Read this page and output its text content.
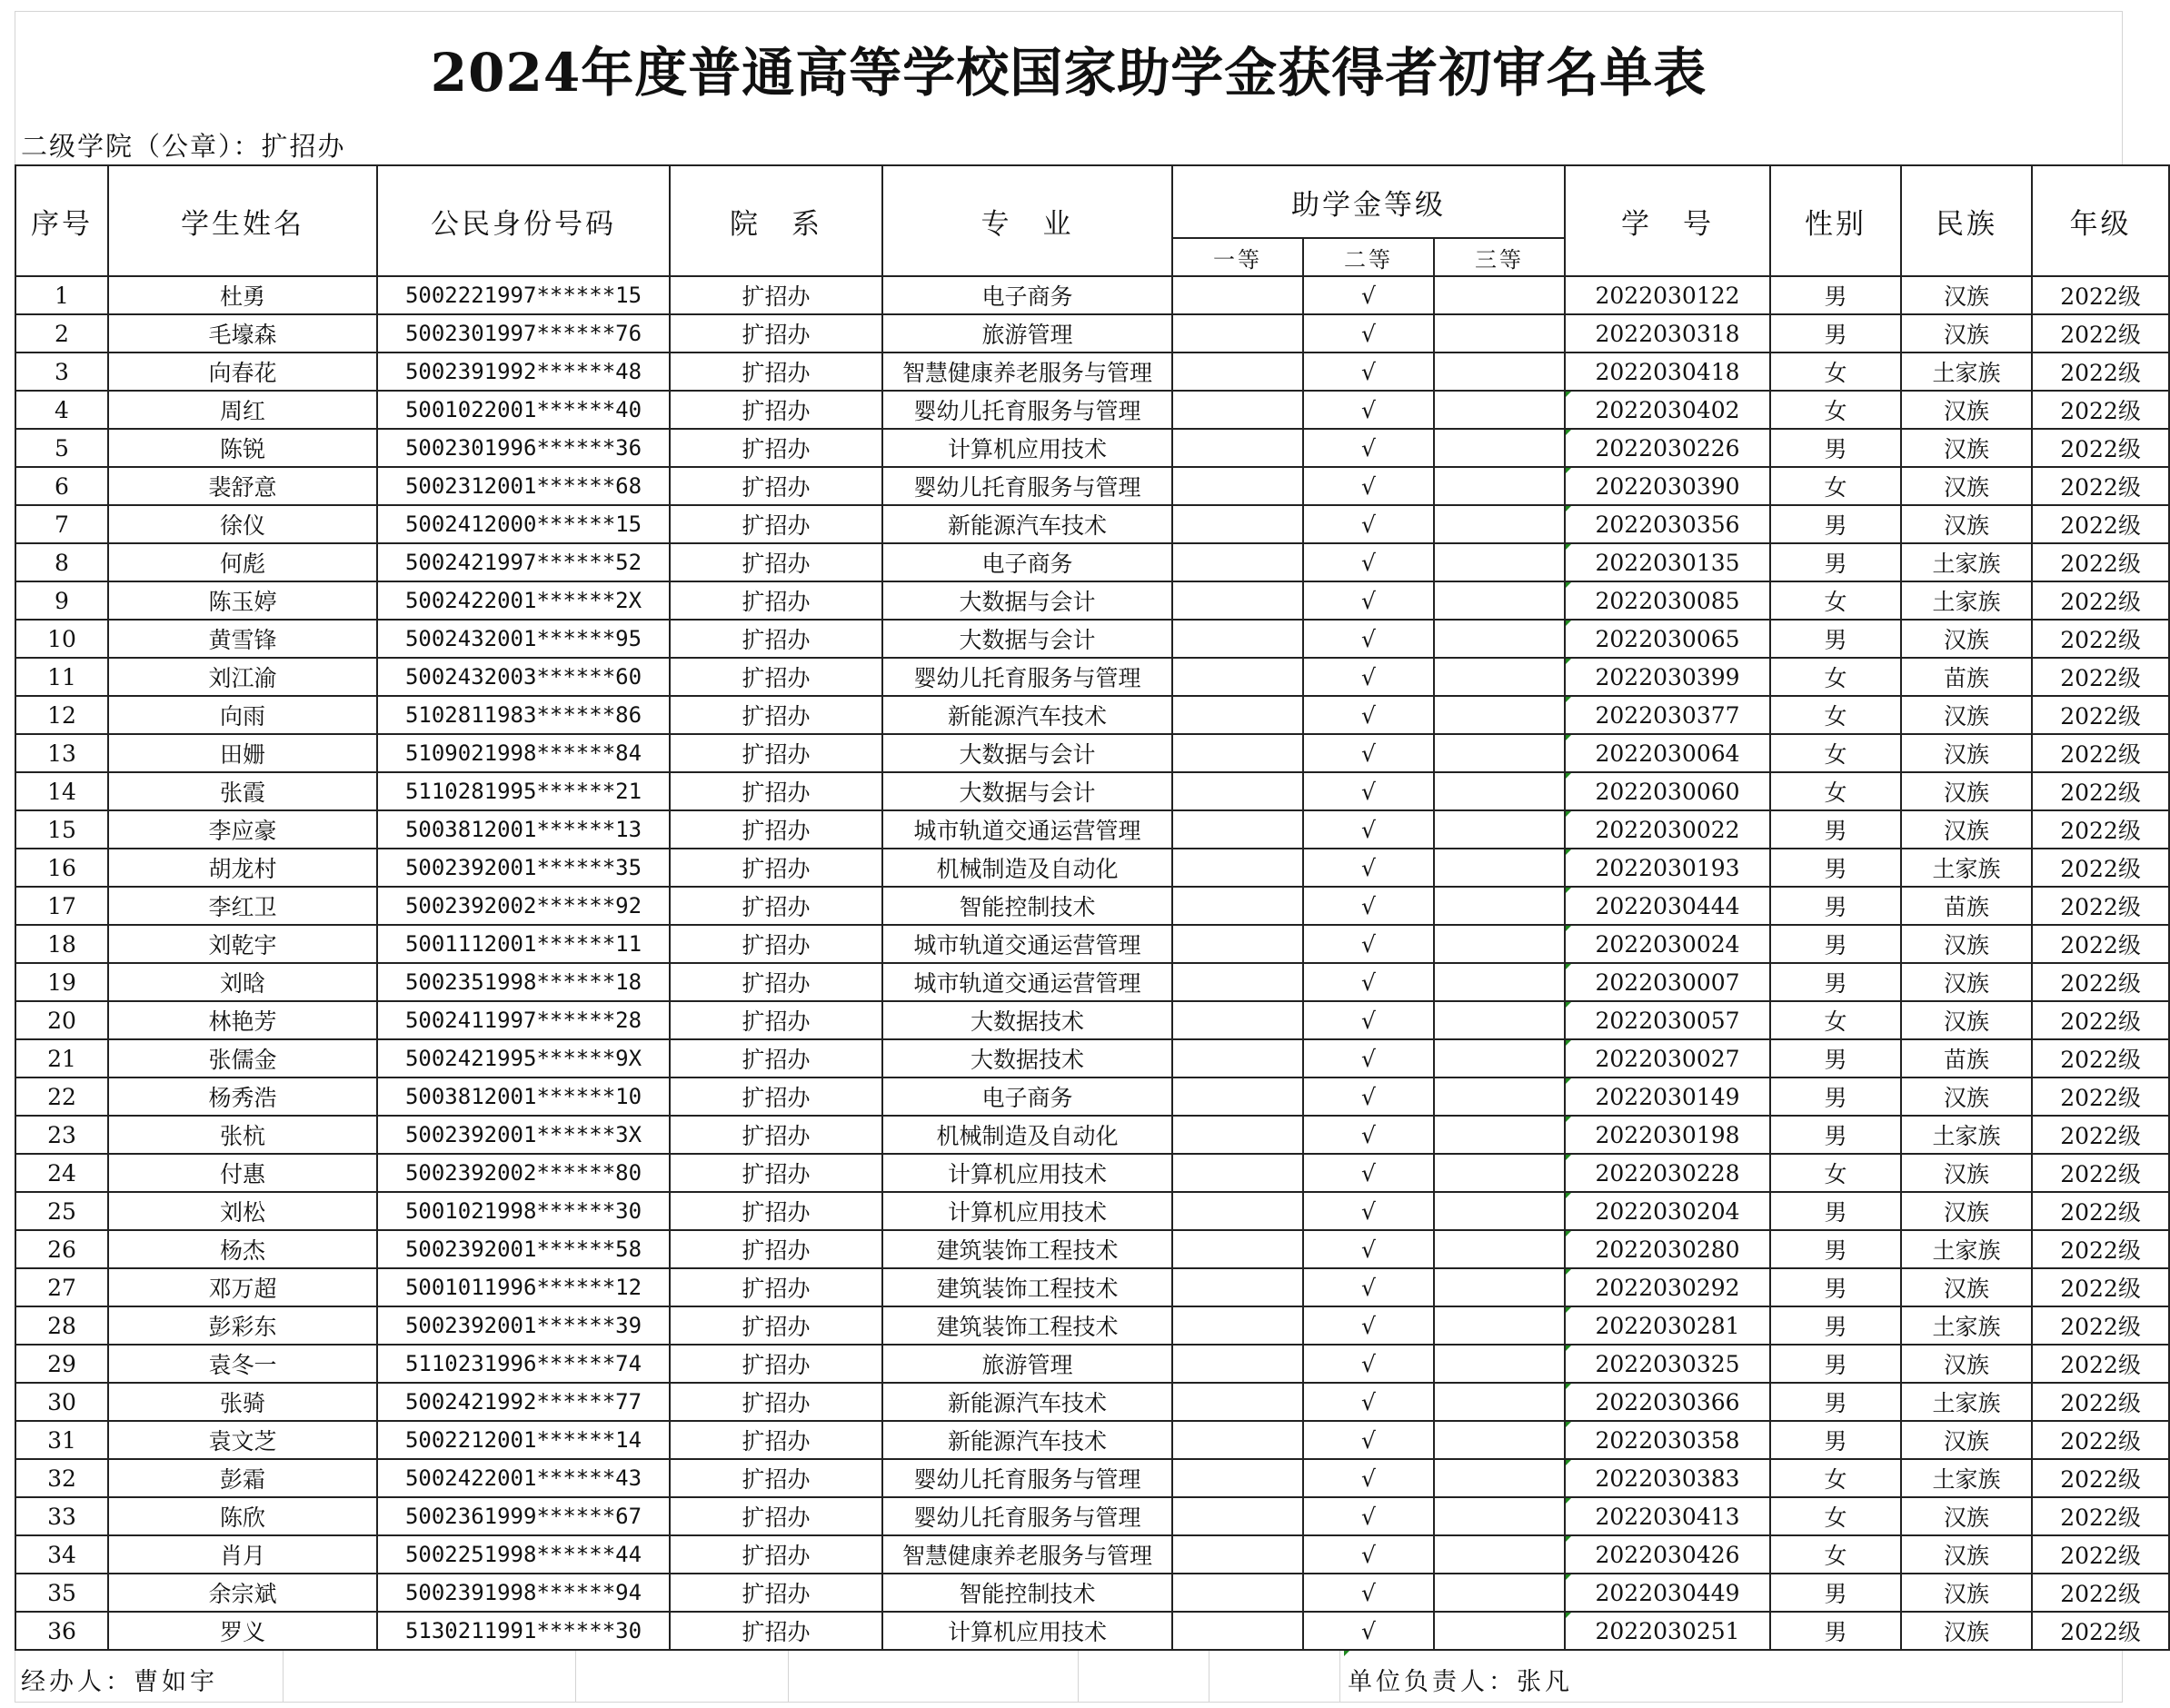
2024年度普通高等学校国家助学金获得者初审名单表
二级学院（公章）：扩招办
序号	学生姓名	公民身份号码	院　系	专　业	助学金等级			学　号	性别	民族	年级
					一等	二等	三等				
1	杜勇	5002221997******15	扩招办	电子商务		√		2022030122	男	汉族	2022级
2	毛壕森	5002301997******76	扩招办	旅游管理		√		2022030318	男	汉族	2022级
3	向春花	5002391992******48	扩招办	智慧健康养老服务与管理		√		2022030418	女	土家族	2022级
4	周红	5001022001******40	扩招办	婴幼儿托育服务与管理		√		2022030402	女	汉族	2022级
5	陈锐	5002301996******36	扩招办	计算机应用技术		√		2022030226	男	汉族	2022级
6	裴舒意	5002312001******68	扩招办	婴幼儿托育服务与管理		√		2022030390	女	汉族	2022级
7	徐仪	5002412000******15	扩招办	新能源汽车技术		√		2022030356	男	汉族	2022级
8	何彪	5002421997******52	扩招办	电子商务		√		2022030135	男	土家族	2022级
9	陈玉婷	5002422001******2X	扩招办	大数据与会计		√		2022030085	女	土家族	2022级
10	黄雪锋	5002432001******95	扩招办	大数据与会计		√		2022030065	男	汉族	2022级
11	刘江渝	5002432003******60	扩招办	婴幼儿托育服务与管理		√		2022030399	女	苗族	2022级
12	向雨	5102811983******86	扩招办	新能源汽车技术		√		2022030377	女	汉族	2022级
13	田姗	5109021998******84	扩招办	大数据与会计		√		2022030064	女	汉族	2022级
14	张霞	5110281995******21	扩招办	大数据与会计		√		2022030060	女	汉族	2022级
15	李应豪	5003812001******13	扩招办	城市轨道交通运营管理		√		2022030022	男	汉族	2022级
16	胡龙村	5002392001******35	扩招办	机械制造及自动化		√		2022030193	男	土家族	2022级
17	李红卫	5002392002******92	扩招办	智能控制技术		√		2022030444	男	苗族	2022级
18	刘乾宇	5001112001******11	扩招办	城市轨道交通运营管理		√		2022030024	男	汉族	2022级
19	刘晗	5002351998******18	扩招办	城市轨道交通运营管理		√		2022030007	男	汉族	2022级
20	林艳芳	5002411997******28	扩招办	大数据技术		√		2022030057	女	汉族	2022级
21	张儒金	5002421995******9X	扩招办	大数据技术		√		2022030027	男	苗族	2022级
22	杨秀浩	5003812001******10	扩招办	电子商务		√		2022030149	男	汉族	2022级
23	张杭	5002392001******3X	扩招办	机械制造及自动化		√		2022030198	男	土家族	2022级
24	付惠	5002392002******80	扩招办	计算机应用技术		√		2022030228	女	汉族	2022级
25	刘松	5001021998******30	扩招办	计算机应用技术		√		2022030204	男	汉族	2022级
26	杨杰	5002392001******58	扩招办	建筑装饰工程技术		√		2022030280	男	土家族	2022级
27	邓万超	5001011996******12	扩招办	建筑装饰工程技术		√		2022030292	男	汉族	2022级
28	彭彩东	5002392001******39	扩招办	建筑装饰工程技术		√		2022030281	男	土家族	2022级
29	袁冬一	5110231996******74	扩招办	旅游管理		√		2022030325	男	汉族	2022级
30	张骑	5002421992******77	扩招办	新能源汽车技术		√		2022030366	男	土家族	2022级
31	袁文芝	5002212001******14	扩招办	新能源汽车技术		√		2022030358	男	汉族	2022级
32	彭霜	5002422001******43	扩招办	婴幼儿托育服务与管理		√		2022030383	女	土家族	2022级
33	陈欣	5002361999******67	扩招办	婴幼儿托育服务与管理		√		2022030413	女	汉族	2022级
34	肖月	5002251998******44	扩招办	智慧健康养老服务与管理		√		2022030426	女	汉族	2022级
35	余宗斌	5002391998******94	扩招办	智能控制技术		√		2022030449	男	汉族	2022级
36	罗义	5130211991******30	扩招办	计算机应用技术		√		2022030251	男	汉族	2022级
经办人：曹如宇	单位负责人：张凡
